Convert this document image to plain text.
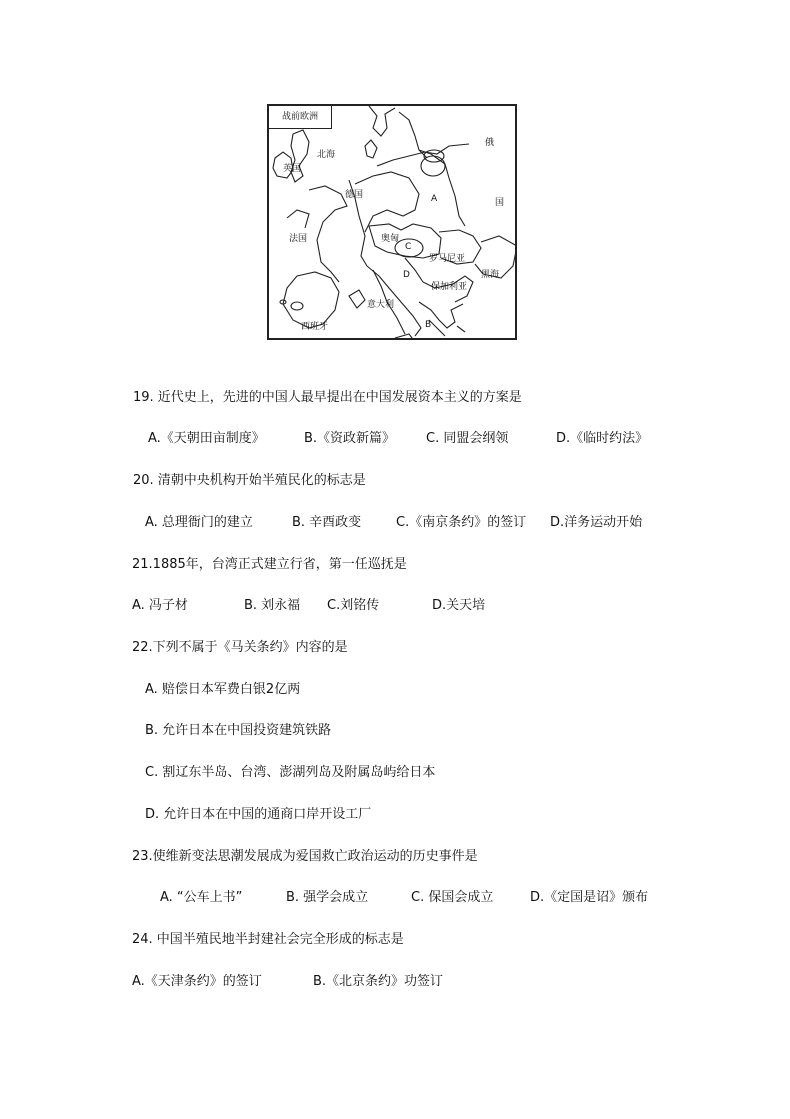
战前欧洲
北海
英国
德国
法国
俄
国
A
奥匈
C
罗马尼亚
黑海
D
保加利亚
意大利
西班牙	B
19. 近代史上，先进的中国人最早提出在中国发展资本主义的方案是
A.《天朝田亩制度》	B.《资政新篇》 C. 同盟会纲领	D.《临时约法》
20. 清朝中央机构开始半殖民化的标志是
A. 总理衙门的建立	B. 辛酉政变	C.《南京条约》的签订 D.洋务运动开始
21.1885年，台湾正式建立行省，第一任巡抚是
A. 冯子材	B. 刘永福 C.刘铭传	D.关天培
22.下列不属于《马关条约》内容的是
A. 赔偿日本军费白银2亿两
B. 允许日本在中国投资建筑铁路
C. 割辽东半岛、台湾、澎湖列岛及附属岛屿给日本
D. 允许日本在中国的通商口岸开设工厂
23.使维新变法思潮发展成为爱国救亡政治运动的历史事件是
A. “公车上书”	B. 强学会成立	C. 保国会成立	D.《定国是诏》颁布
24. 中国半殖民地半封建社会完全形成的标志是
A.《天津条约》的签订	B.《北京条约》功签订
